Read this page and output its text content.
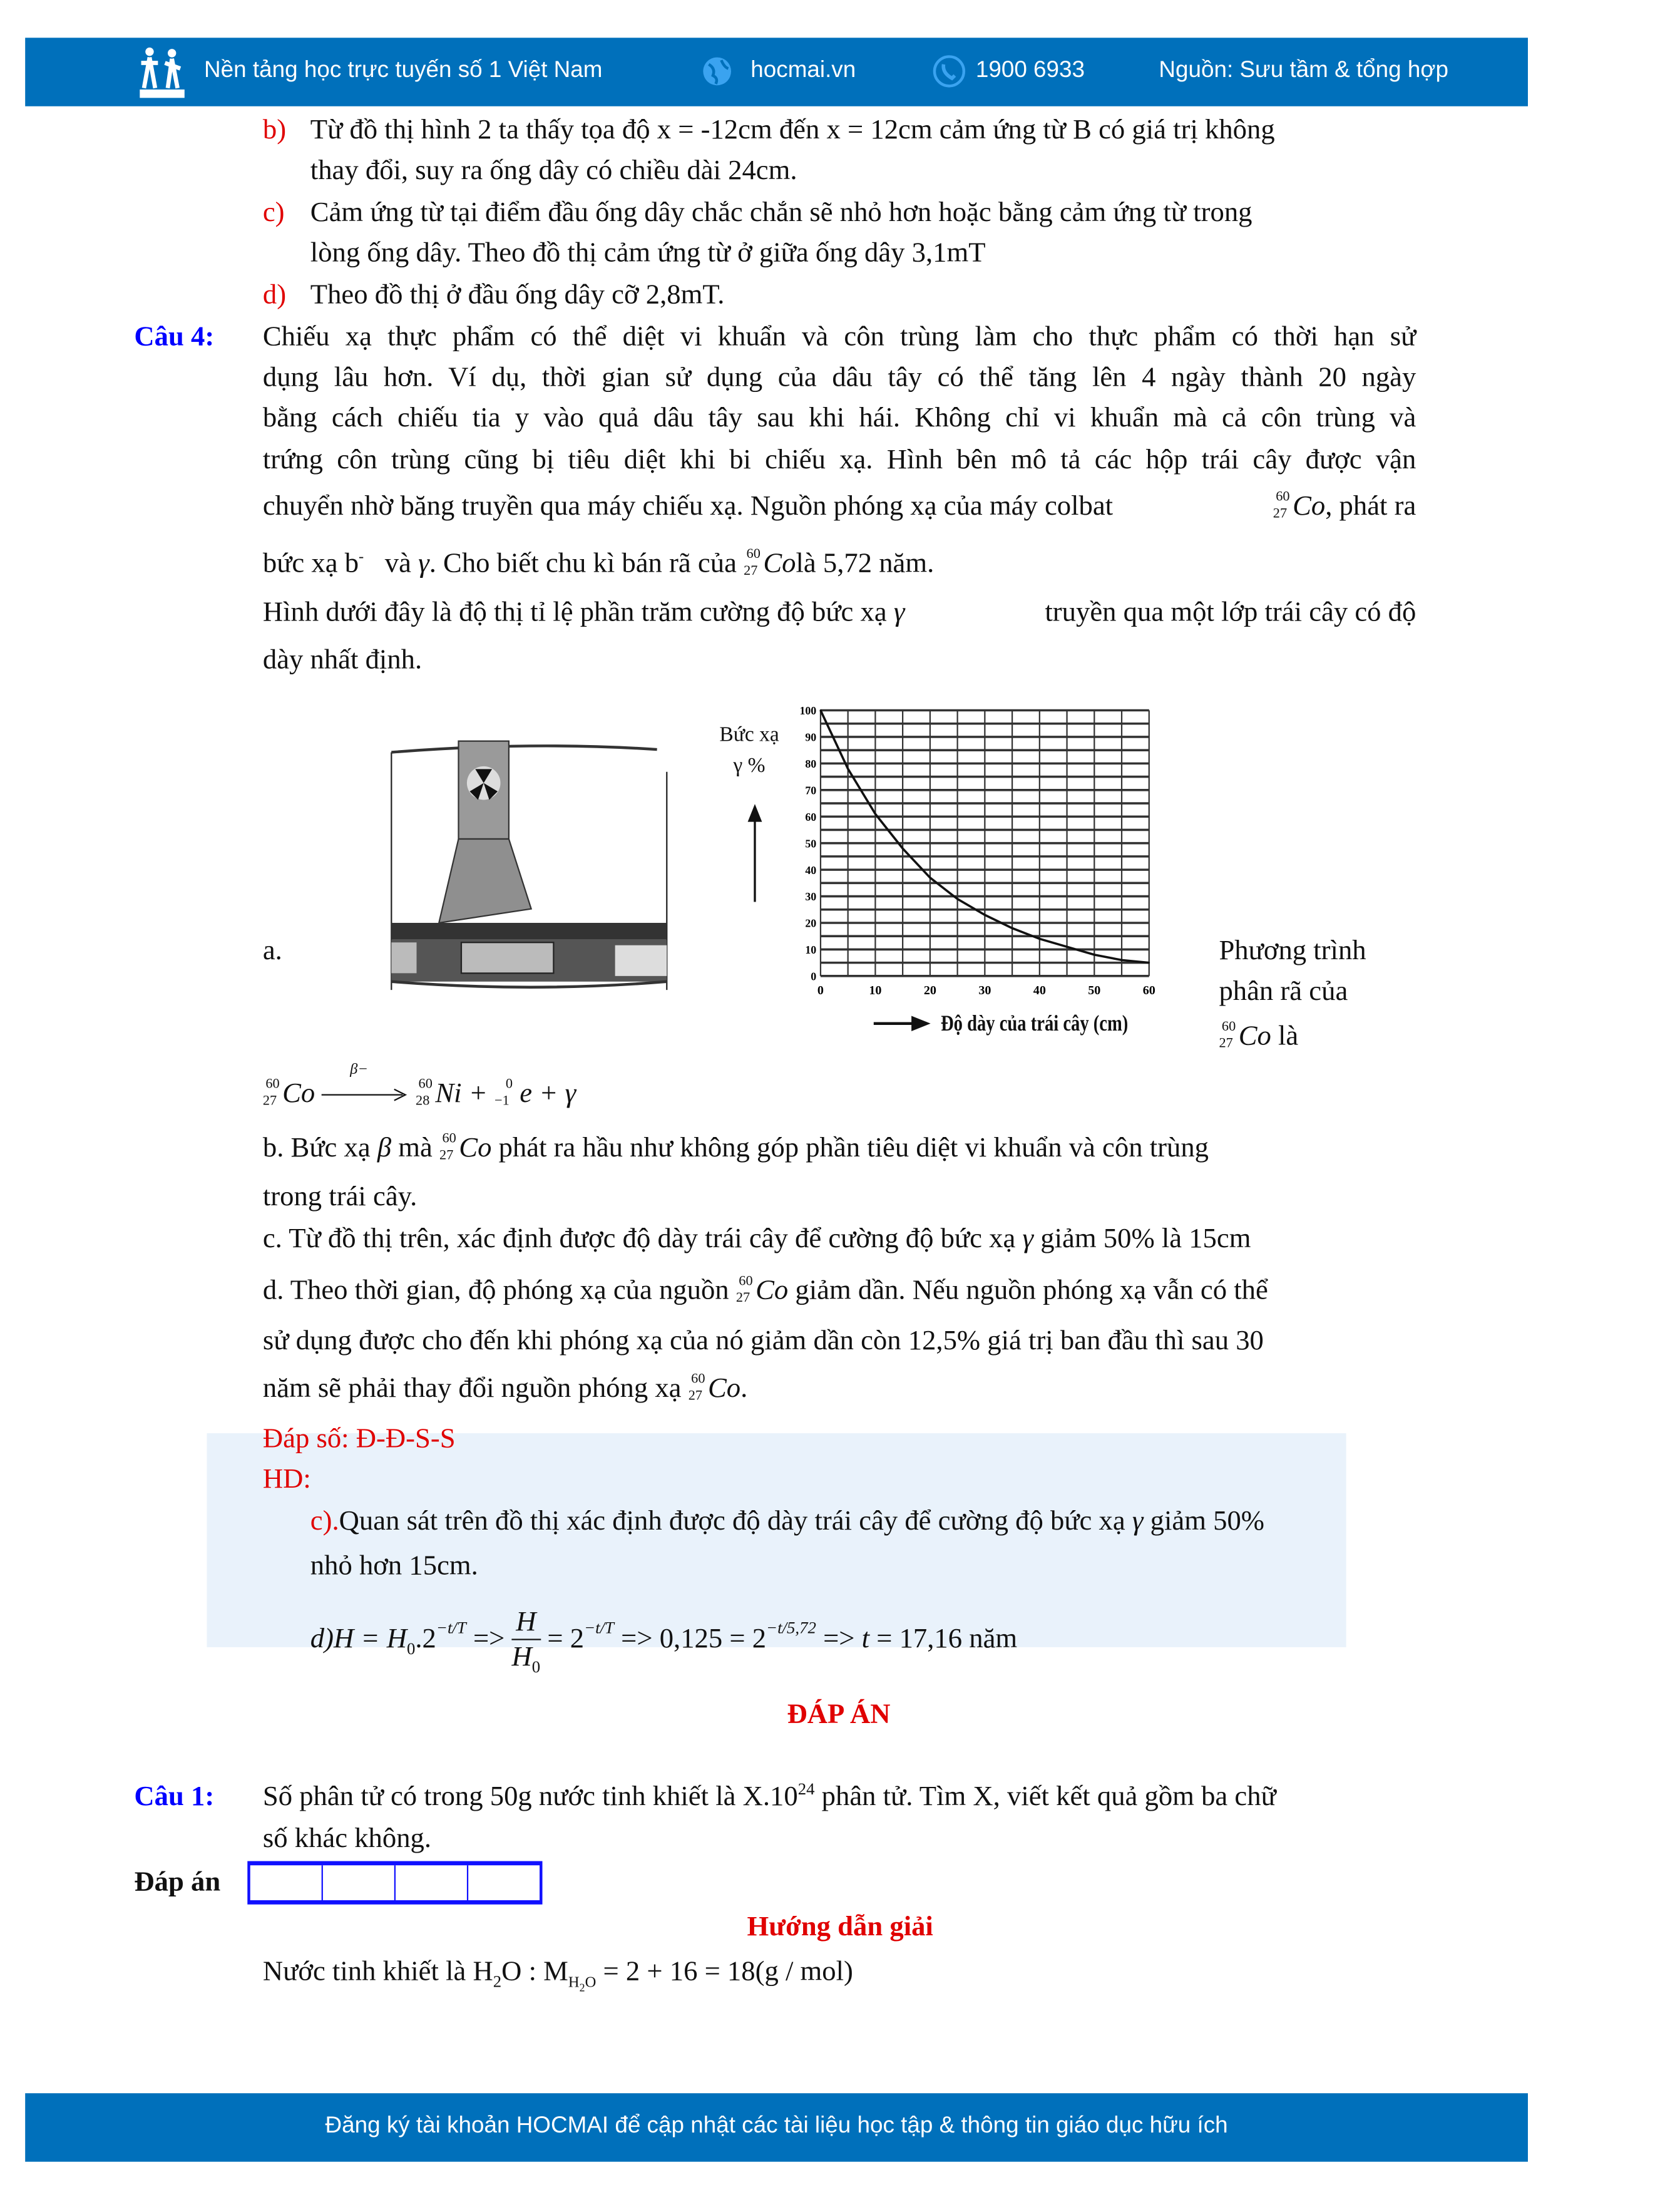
Nền tảng học trực tuyến số 1 Việt Nam	hocmai.vn	1900 6933	Nguồn: Sưu tầm & tổng hợp
b) Từ đồ thị hình 2 ta thấy tọa độ x = -12cm đến x = 12cm cảm ứng từ B có giá trị không
thay đổi, suy ra ống dây có chiều dài 24cm.
c) Cảm ứng từ tại điểm đầu ống dây chắc chắn sẽ nhỏ hơn hoặc bằng cảm ứng từ trong
lòng ống dây. Theo đồ thị cảm ứng từ ở giữa ống dây 3,1mT
d) Theo đồ thị ở đầu ống dây cỡ 2,8mT.
Câu 4:	Chiếu xạ thực phẩm có thể diệt vi khuẩn và côn trùng làm cho thực phẩm có thời hạn sử
dụng lâu hơn. Ví dụ, thời gian sử dụng của dâu tây có thể tăng lên 4 ngày thành 20 ngày
bằng cách chiếu tia y vào quả dâu tây sau khi hái. Không chỉ vi khuẩn mà cả côn trùng và
trứng côn trùng cũng bị tiêu diệt khi bi chiếu xạ. Hình bên mô tả các hộp trái cây được vận
chuyển nhờ băng truyền qua máy chiếu xạ. Nguồn phóng xạ của máy colbat	60
27 Co, phát ra
bức xạ b- và γ. Cho biết chu kì bán rã của 60
27 Colà 5,72 năm.
Hình dưới đây là độ thị tỉ lệ phần trăm cường độ bức xạ γ	truyền qua một lớp trái cây có độ
dày nhất định.
a.
Bức xạ γ %
0
10
20
30
40
50
60
70
80
90
100
0	10	20	30	40	50	60
Độ dày của trái cây (cm)
Phương trình
phân rã của
60
27 Co là
60
27 Co
β−

60
28 Ni + 0
−1 e + γ
b. Bức xạ β mà 60
27 Co phát ra hầu như không góp phần tiêu diệt vi khuẩn và côn trùng
trong trái cây.
c. Từ đồ thị trên, xác định được độ dày trái cây để cường độ bức xạ γ giảm 50% là 15cm
d. Theo thời gian, độ phóng xạ của nguồn 60
27 Co giảm dần. Nếu nguồn phóng xạ vẫn có thể
sử dụng được cho đến khi phóng xạ của nó giảm dần còn 12,5% giá trị ban đầu thì sau 30
năm sẽ phải thay đổi nguồn phóng xạ 60
27 Co.
Đáp số: Đ-Đ-S-S
HD:
c).Quan sát trên đồ thị xác định được độ dày trái cây để cường độ bức xạ γ giảm 50%
nhỏ hơn 15cm.
$d)H = H_0.2^{-t/T} => \frac{H}{H_0} = 2^{-t/T} => 0,125 = 2^{-t/5,72} => t = 17,16$ năm
ĐÁP ÁN
Câu 1:	Số phân tử có trong 50g nước tinh khiết là $X.10^{24}$ phân tử. Tìm X, viết kết quả gồm ba chữ
số khác không.
Đáp án
Hướng dẫn giải
Nước tinh khiết là $H_2O$ : $M_{H_2O} = 2 + 16 = 18(g / mol)$
Đăng ký tài khoản HOCMAI để cập nhật các tài liệu học tập & thông tin giáo dục hữu ích
